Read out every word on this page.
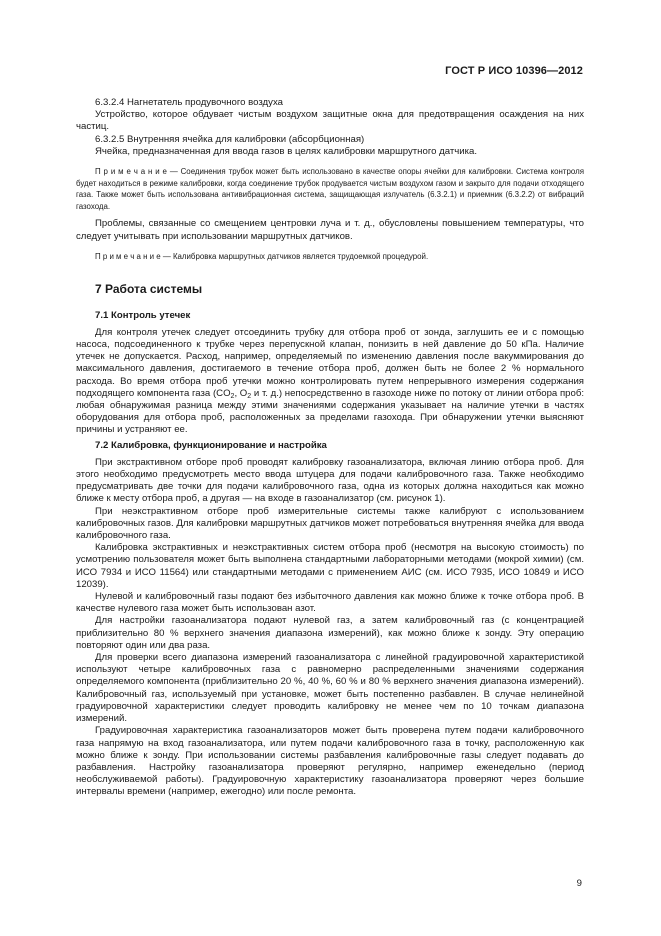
ГОСТ Р ИСО 10396—2012

6.3.2.4 Нагнетатель продувочного воздуха

Устройство, которое обдувает чистым воздухом защитные окна для предотвращения осаждения на них частиц.

6.3.2.5 Внутренняя ячейка для калибровки (абсорбционная)

Ячейка, предназначенная для ввода газов в целях калибровки маршрутного датчика.

П р и м е ч а н и е — Соединения трубок может быть использовано в качестве опоры ячейки для калибровки. Система контроля будет находиться в режиме калибровки, когда соединение трубок продувается чистым воздухом газом и закрыто для подачи отходящего газа. Также может быть использована антивибрационная система, защищающая излучатель (6.3.2.1) и приемник (6.3.2.2) от вибраций газохода.

Проблемы, связанные со смещением центровки луча и т. д., обусловлены повышением температуры, что следует учитывать при использовании маршрутных датчиков.

П р и м е ч а н и е — Калибровка маршрутных датчиков является трудоемкой процедурой.

7 Работа системы
7.1 Контроль утечек

Для контроля утечек следует отсоединить трубку для отбора проб от зонда, заглушить ее и с помощью насоса, подсоединенного к трубке через перепускной клапан, понизить в ней давление до 50 кПа. Наличие утечек не допускается. Расход, например, определяемый по изменению давления после вакуммирования до максимального давления, достигаемого в течение отбора проб, должен быть не более 2 % нормального расхода. Во время отбора проб утечки можно контролировать путем непрерывного измерения содержания подходящего компонента газа ($CO_2$, $O_2$ и т. д.) непосредственно в газоходе ниже по потоку от линии отбора проб: любая обнаружимая разница между этими значениями содержания указывает на наличие утечки в частях оборудования для отбора проб, расположенных за пределами газохода. При обнаружении утечки выясняют причины и устраняют ее.

7.2 Калибровка, функционирование и настройка

При экстрактивном отборе проб проводят калибровку газоанализатора, включая линию отбора проб. Для этого необходимо предусмотреть место ввода штуцера для подачи калибровочного газа. Также необходимо предусматривать две точки для подачи калибровочного газа, одна из которых должна находиться как можно ближе к месту отбора проб, а другая — на входе в газоанализатор (см. рисунок 1).

При неэкстрактивном отборе проб измерительные системы также калибруют с использованием калибровочных газов. Для калибровки маршрутных датчиков может потребоваться внутренняя ячейка для ввода калибровочного газа.

Калибровка экстрактивных и неэкстрактивных систем отбора проб (несмотря на высокую стоимость) по усмотрению пользователя может быть выполнена стандартными лабораторными методами (мокрой химии) (см. ИСО 7934 и ИСО 11564) или стандартными методами с применением АИС (см. ИСО 7935, ИСО 10849 и ИСО 12039).

Нулевой и калибровочный газы подают без избыточного давления как можно ближе к точке отбора проб. В качестве нулевого газа может быть использован азот.

Для настройки газоанализатора подают нулевой газ, а затем калибровочный газ (с концентрацией приблизительно 80 % верхнего значения диапазона измерений), как можно ближе к зонду. Эту операцию повторяют один или два раза.

Для проверки всего диапазона измерений газоанализатора с линейной градуировочной характеристикой используют четыре калибровочных газа с равномерно распределенными значениями содержания определяемого компонента (приблизительно 20 %, 40 %, 60 % и 80 % верхнего значения диапазона измерений). Калибровочный газ, используемый при установке, может быть постепенно разбавлен. В случае нелинейной градуировочной характеристики следует проводить калибровку не менее чем по 10 точкам диапазона измерений.

Градуировочная характеристика газоанализаторов может быть проверена путем подачи калибровочного газа напрямую на вход газоанализатора, или путем подачи калибровочного газа в точку, расположенную как можно ближе к зонду. При использовании системы разбавления калибровочные газы следует подавать до разбавления. Настройку газоанализатора проверяют регулярно, например еженедельно (период необслуживаемой работы). Градуировочную характеристику газоанализатора проверяют через большие интервалы времени (например, ежегодно) или после ремонта.

9
